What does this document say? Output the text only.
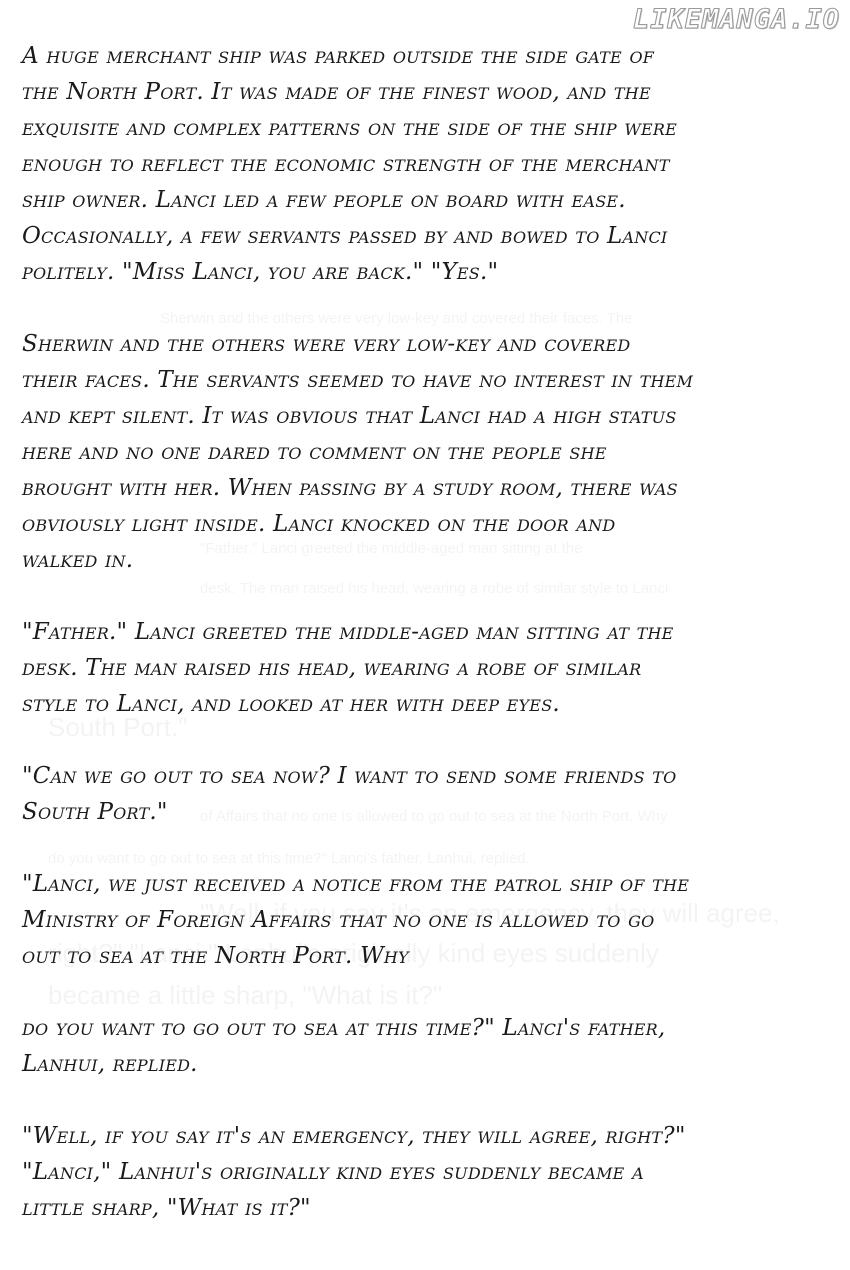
LIKEMANGA.IO

A huge merchant ship was parked outside the side gate of
the North Port. It was made of the finest wood, and the
exquisite and complex patterns on the side of the ship were
enough to reflect the economic strength of the merchant
ship owner. Lanci led a few people on board with ease.
Occasionally, a few servants passed by and bowed to Lanci
politely. "Miss Lanci, you are back." "Yes."

Sherwin and the others were very low-key and covered
their faces. The servants seemed to have no interest in them
and kept silent. It was obvious that Lanci had a high status
here and no one dared to comment on the people she
brought with her. When passing by a study room, there was
obviously light inside. Lanci knocked on the door and
walked in.

"Father." Lanci greeted the middle-aged man sitting at the
desk. The man raised his head, wearing a robe of similar
style to Lanci, and looked at her with deep eyes.

"Can we go out to sea now? I want to send some friends to
South Port."

"Lanci, we just received a notice from the patrol ship of the
Ministry of Foreign Affairs that no one is allowed to go
out to sea at the North Port. Why

do you want to go out to sea at this time?" Lanci's father,
Lanhui, replied.

"Well, if you say it's an emergency, they will agree, right?"
"Lanci," Lanhui's originally kind eyes suddenly became a
little sharp, "What is it?"
